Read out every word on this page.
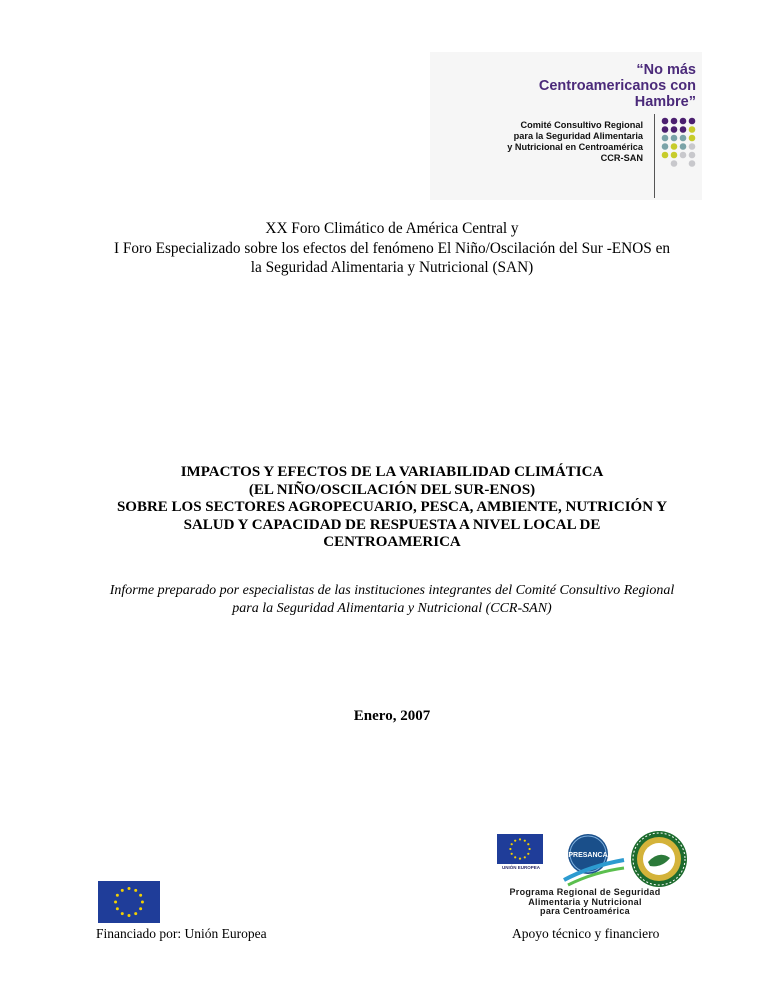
“No más
Centroamericanos con
Hambre”
Comité Consultivo Regional
para la Seguridad Alimentaria
y Nutricional en Centroamérica
CCR-SAN
XX Foro Climático de América Central y
I Foro Especializado sobre los efectos del fenómeno El Niño/Oscilación del Sur -ENOS en
la Seguridad Alimentaria y Nutricional (SAN)
IMPACTOS Y EFECTOS DE LA VARIABILIDAD CLIMÁTICA
(EL NIÑO/OSCILACIÓN DEL SUR-ENOS)
SOBRE LOS SECTORES AGROPECUARIO, PESCA, AMBIENTE, NUTRICIÓN Y
SALUD Y CAPACIDAD DE RESPUESTA A NIVEL LOCAL DE
CENTROAMERICA
Informe preparado por especialistas de las instituciones integrantes del Comité Consultivo Regional
para la Seguridad Alimentaria y Nutricional (CCR-SAN)
Enero, 2007
Financiado por: Unión Europea
UNIÓN EUROPEA
PRESANCA
Programa Regional de Seguridad
Alimentaria y Nutricional
para Centroamérica
Apoyo técnico y financiero
